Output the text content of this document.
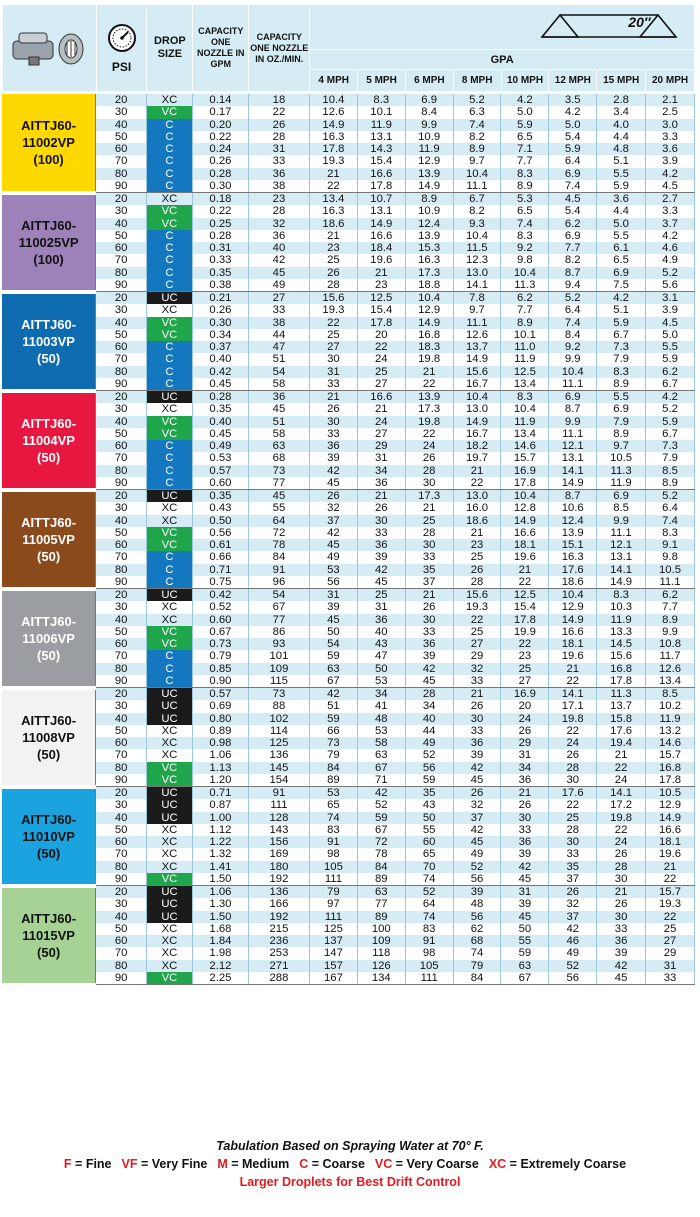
PSI	DROP SIZE	CAPACITY ONE NOZZLE IN GPM	CAPACITY ONE NOZZLE IN OZ./MIN.	20″							

					GPA							
					4 MPH	5 MPH	6 MPH	8 MPH	10 MPH	12 MPH	15 MPH	20 MPH
AITTJ60-11002VP
(100)	20	XC	0.14	18	10.4	8.3	6.9	5.2	4.2	3.5	2.8	2.1
	30	VC	0.17	22	12.6	10.1	8.4	6.3	5.0	4.2	3.4	2.5
	40	C	0.20	26	14.9	11.9	9.9	7.4	5.9	5.0	4.0	3.0
	50	C	0.22	28	16.3	13.1	10.9	8.2	6.5	5.4	4.4	3.3
	60	C	0.24	31	17.8	14.3	11.9	8.9	7.1	5.9	4.8	3.6
	70	C	0.26	33	19.3	15.4	12.9	9.7	7.7	6.4	5.1	3.9
	80	C	0.28	36	21	16.6	13.9	10.4	8.3	6.9	5.5	4.2
	90	C	0.30	38	22	17.8	14.9	11.1	8.9	7.4	5.9	4.5

AITTJ60-110025VP
(100)	20	XC	0.18	23	13.4	10.7	8.9	6.7	5.3	4.5	3.6	2.7
	30	VC	0.22	28	16.3	13.1	10.9	8.2	6.5	5.4	4.4	3.3
	40	VC	0.25	32	18.6	14.9	12.4	9.3	7.4	6.2	5.0	3.7
	50	C	0.28	36	21	16.6	13.9	10.4	8.3	6.9	5.5	4.2
	60	C	0.31	40	23	18.4	15.3	11.5	9.2	7.7	6.1	4.6
	70	C	0.33	42	25	19.6	16.3	12.3	9.8	8.2	6.5	4.9
	80	C	0.35	45	26	21	17.3	13.0	10.4	8.7	6.9	5.2
	90	C	0.38	49	28	23	18.8	14.1	11.3	9.4	7.5	5.6

AITTJ60-11003VP
(50)	20	UC	0.21	27	15.6	12.5	10.4	7.8	6.2	5.2	4.2	3.1
	30	XC	0.26	33	19.3	15.4	12.9	9.7	7.7	6.4	5.1	3.9
	40	VC	0.30	38	22	17.8	14.9	11.1	8.9	7.4	5.9	4.5
	50	VC	0.34	44	25	20	16.8	12.6	10.1	8.4	6.7	5.0
	60	C	0.37	47	27	22	18.3	13.7	11.0	9.2	7.3	5.5
	70	C	0.40	51	30	24	19.8	14.9	11.9	9.9	7.9	5.9
	80	C	0.42	54	31	25	21	15.6	12.5	10.4	8.3	6.2
	90	C	0.45	58	33	27	22	16.7	13.4	11.1	8.9	6.7

AITTJ60-11004VP
(50)	20	UC	0.28	36	21	16.6	13.9	10.4	8.3	6.9	5.5	4.2
	30	XC	0.35	45	26	21	17.3	13.0	10.4	8.7	6.9	5.2
	40	VC	0.40	51	30	24	19.8	14.9	11.9	9.9	7.9	5.9
	50	VC	0.45	58	33	27	22	16.7	13.4	11.1	8.9	6.7
	60	C	0.49	63	36	29	24	18.2	14.6	12.1	9.7	7.3
	70	C	0.53	68	39	31	26	19.7	15.7	13.1	10.5	7.9
	80	C	0.57	73	42	34	28	21	16.9	14.1	11.3	8.5
	90	C	0.60	77	45	36	30	22	17.8	14.9	11.9	8.9

AITTJ60-11005VP
(50)	20	UC	0.35	45	26	21	17.3	13.0	10.4	8.7	6.9	5.2
	30	XC	0.43	55	32	26	21	16.0	12.8	10.6	8.5	6.4
	40	XC	0.50	64	37	30	25	18.6	14.9	12.4	9.9	7.4
	50	VC	0.56	72	42	33	28	21	16.6	13.9	11.1	8.3
	60	VC	0.61	78	45	36	30	23	18.1	15.1	12.1	9.1
	70	C	0.66	84	49	39	33	25	19.6	16.3	13.1	9.8
	80	C	0.71	91	53	42	35	26	21	17.6	14.1	10.5
	90	C	0.75	96	56	45	37	28	22	18.6	14.9	11.1

AITTJ60-11006VP
(50)	20	UC	0.42	54	31	25	21	15.6	12.5	10.4	8.3	6.2
	30	XC	0.52	67	39	31	26	19.3	15.4	12.9	10.3	7.7
	40	XC	0.60	77	45	36	30	22	17.8	14.9	11.9	8.9
	50	VC	0.67	86	50	40	33	25	19.9	16.6	13.3	9.9
	60	VC	0.73	93	54	43	36	27	22	18.1	14.5	10.8
	70	C	0.79	101	59	47	39	29	23	19.6	15.6	11.7
	80	C	0.85	109	63	50	42	32	25	21	16.8	12.6
	90	C	0.90	115	67	53	45	33	27	22	17.8	13.4

AITTJ60-11008VP
(50)	20	UC	0.57	73	42	34	28	21	16.9	14.1	11.3	8.5
	30	UC	0.69	88	51	41	34	26	20	17.1	13.7	10.2
	40	UC	0.80	102	59	48	40	30	24	19.8	15.8	11.9
	50	XC	0.89	114	66	53	44	33	26	22	17.6	13.2
	60	XC	0.98	125	73	58	49	36	29	24	19.4	14.6
	70	XC	1.06	136	79	63	52	39	31	26	21	15.7
	80	VC	1.13	145	84	67	56	42	34	28	22	16.8
	90	VC	1.20	154	89	71	59	45	36	30	24	17.8

AITTJ60-11010VP
(50)	20	UC	0.71	91	53	42	35	26	21	17.6	14.1	10.5
	30	UC	0.87	111	65	52	43	32	26	22	17.2	12.9
	40	UC	1.00	128	74	59	50	37	30	25	19.8	14.9
	50	XC	1.12	143	83	67	55	42	33	28	22	16.6
	60	XC	1.22	156	91	72	60	45	36	30	24	18.1
	70	XC	1.32	169	98	78	65	49	39	33	26	19.6
	80	XC	1.41	180	105	84	70	52	42	35	28	21
	90	VC	1.50	192	111	89	74	56	45	37	30	22

AITTJ60-11015VP
(50)	20	UC	1.06	136	79	63	52	39	31	26	21	15.7
	30	UC	1.30	166	97	77	64	48	39	32	26	19.3
	40	UC	1.50	192	111	89	74	56	45	37	30	22
	50	XC	1.68	215	125	100	83	62	50	42	33	25
	60	XC	1.84	236	137	109	91	68	55	46	36	27
	70	XC	1.98	253	147	118	98	74	59	49	39	29
	80	XC	2.12	271	157	126	105	79	63	52	42	31
	90	VC	2.25	288	167	134	111	84	67	56	45	33
Tabulation Based on Spraying Water at 70° F.
F = Fine VF = Very Fine M = Medium C = Coarse VC = Very Coarse XC = Extremely Coarse
Larger Droplets for Best Drift Control
